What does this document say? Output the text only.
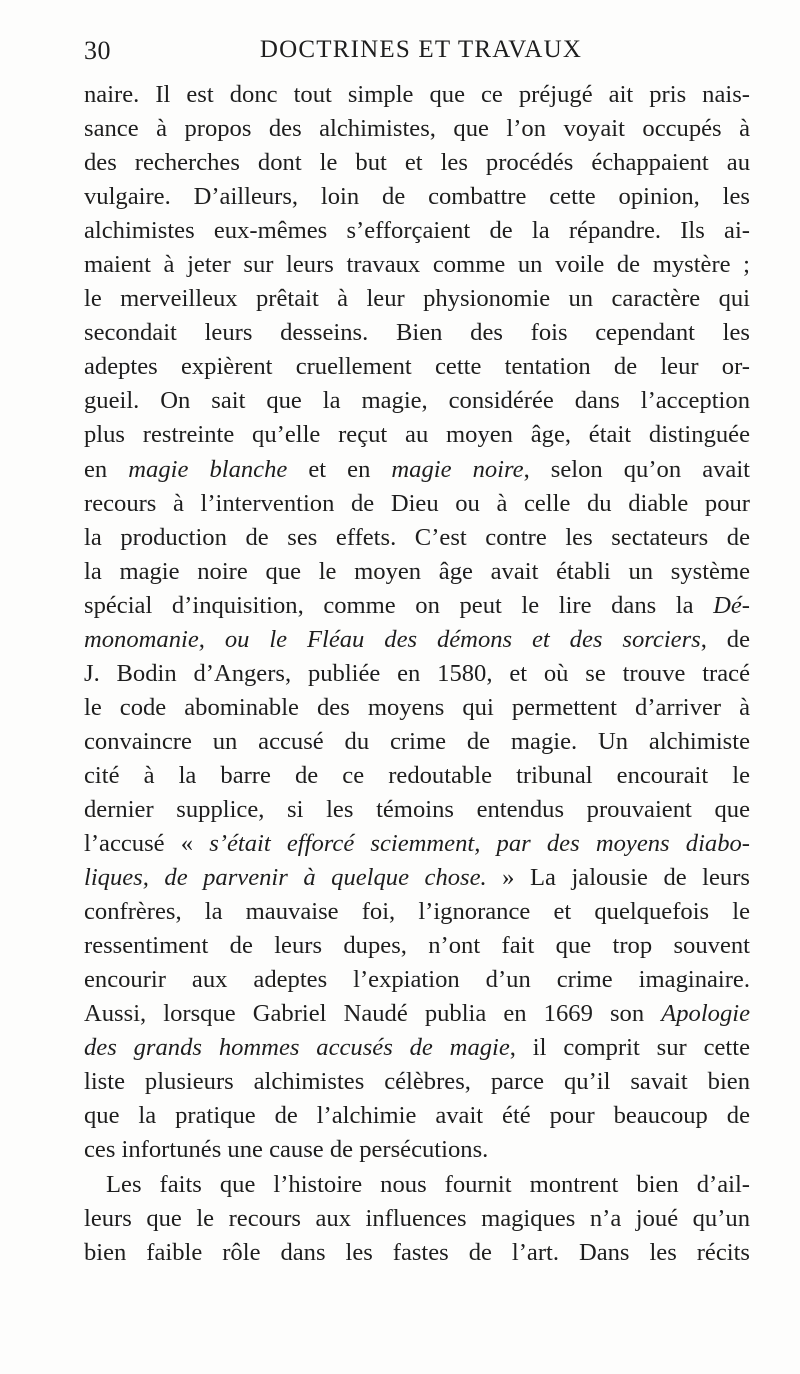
30	DOCTRINES ET TRAVAUX
naire. Il est donc tout simple que ce préjugé ait pris nais-
sance à propos des alchimistes, que l’on voyait occupés à
des recherches dont le but et les procédés échappaient au
vulgaire. D’ailleurs, loin de combattre cette opinion, les
alchimistes eux-mêmes s’efforçaient de la répandre. Ils ai-
maient à jeter sur leurs travaux comme un voile de mystère ;
le merveilleux prêtait à leur physionomie un caractère qui
secondait leurs desseins. Bien des fois cependant les
adeptes expièrent cruellement cette tentation de leur or-
gueil. On sait que la magie, considérée dans l’acception
plus restreinte qu’elle reçut au moyen âge, était distinguée
en magie blanche et en magie noire, selon qu’on avait
recours à l’intervention de Dieu ou à celle du diable pour
la production de ses effets. C’est contre les sectateurs de
la magie noire que le moyen âge avait établi un système
spécial d’inquisition, comme on peut le lire dans la Dé-
monomanie, ou le Fléau des démons et des sorciers, de
J. Bodin d’Angers, publiée en 1580, et où se trouve tracé
le code abominable des moyens qui permettent d’arriver à
convaincre un accusé du crime de magie. Un alchimiste
cité à la barre de ce redoutable tribunal encourait le
dernier supplice, si les témoins entendus prouvaient que
l’accusé « s’était efforcé sciemment, par des moyens diabo-
liques, de parvenir à quelque chose. » La jalousie de leurs
confrères, la mauvaise foi, l’ignorance et quelquefois le
ressentiment de leurs dupes, n’ont fait que trop souvent
encourir aux adeptes l’expiation d’un crime imaginaire.
Aussi, lorsque Gabriel Naudé publia en 1669 son Apologie
des grands hommes accusés de magie, il comprit sur cette
liste plusieurs alchimistes célèbres, parce qu’il savait bien
que la pratique de l’alchimie avait été pour beaucoup de
ces infortunés une cause de persécutions.
Les faits que l’histoire nous fournit montrent bien d’ail-
leurs que le recours aux influences magiques n’a joué qu’un
bien faible rôle dans les fastes de l’art. Dans les récits
